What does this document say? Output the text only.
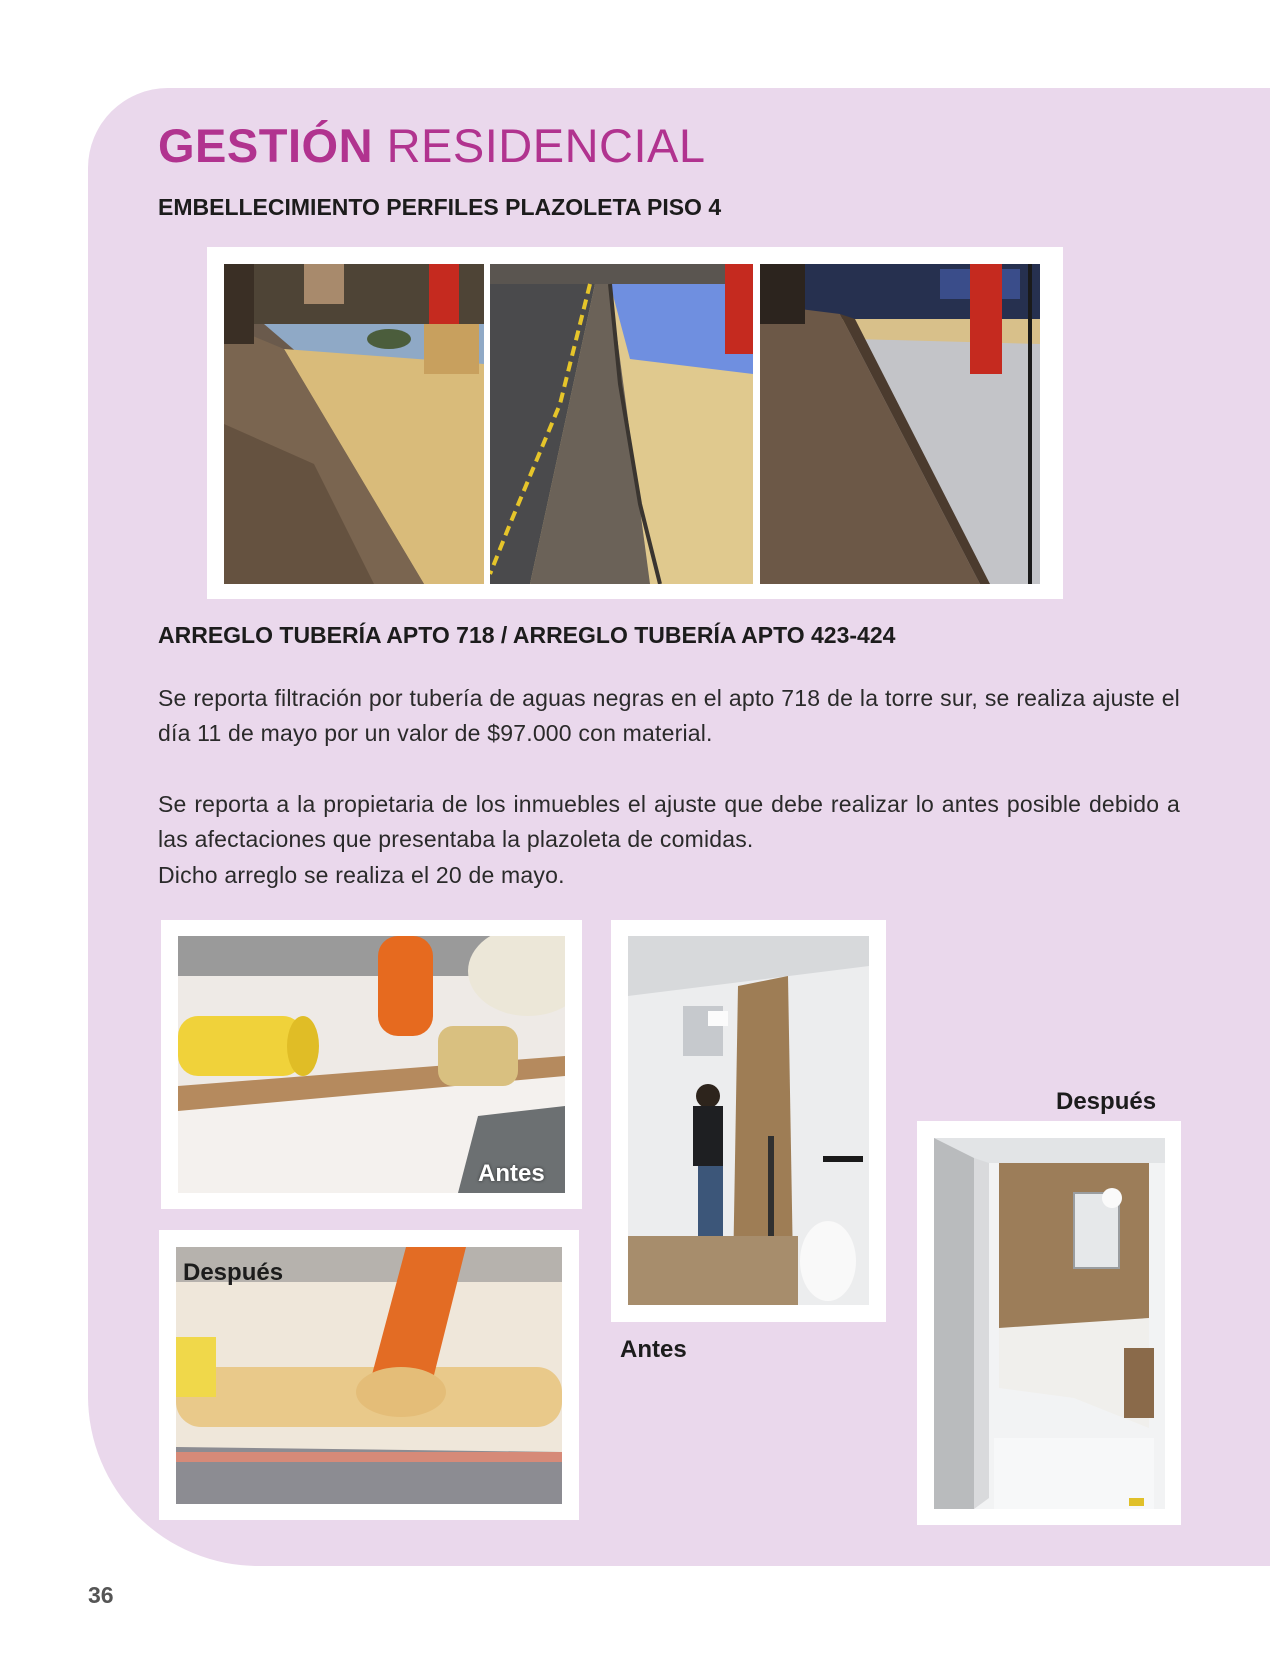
GESTIÓN RESIDENCIAL
EMBELLECIMIENTO PERFILES PLAZOLETA PISO 4
ARREGLO TUBERÍA APTO 718 / ARREGLO TUBERÍA APTO 423-424

Se reporta filtración por tubería de aguas negras en el apto 718 de la torre sur, se realiza ajuste el día 11 de mayo por un valor de $97.000 con material.

Se reporta a la propietaria de los inmuebles el ajuste que debe realizar lo antes posible debido a las afectaciones que presentaba la plazoleta de comidas.

Dicho arreglo se realiza el 20 de mayo.

Antes
Después
Antes
Después
36
